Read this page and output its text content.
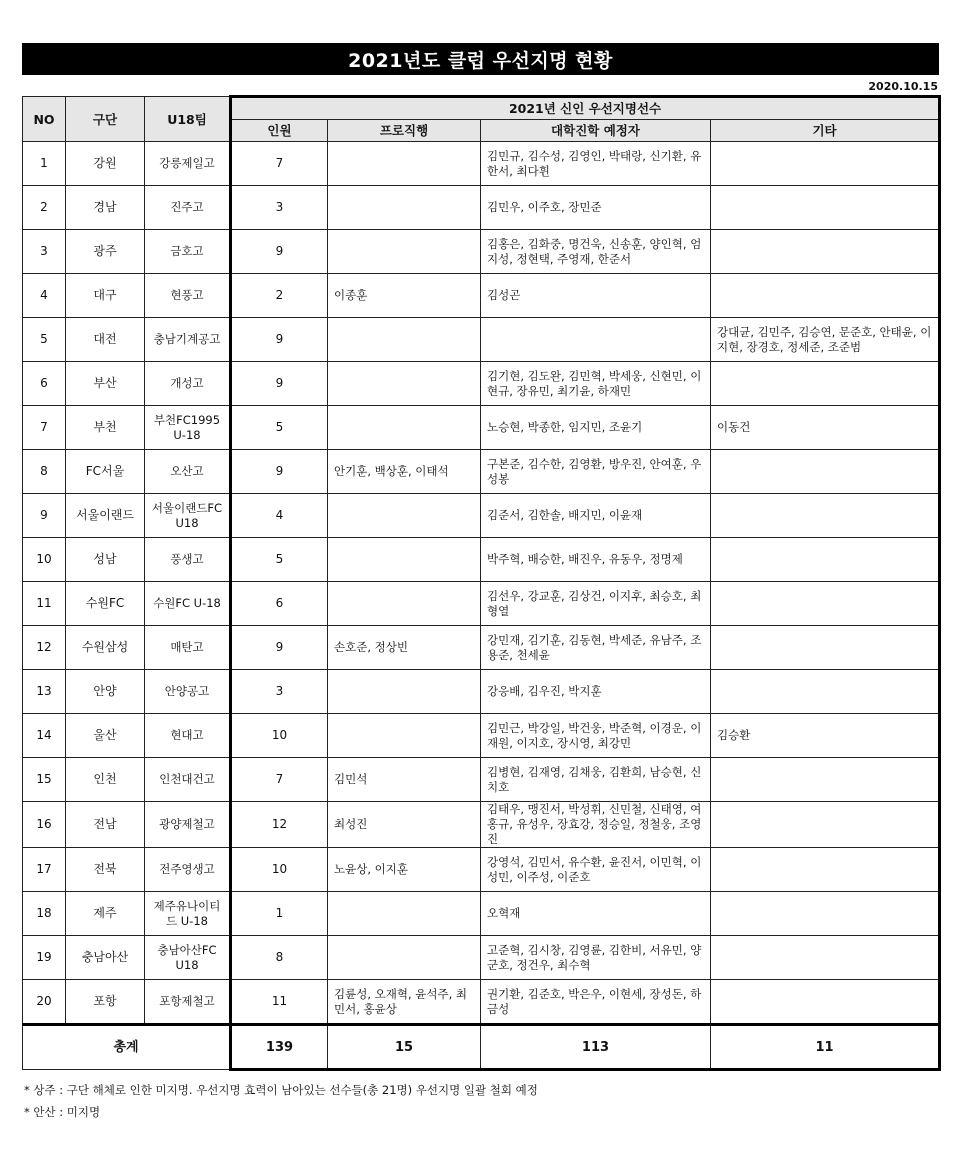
2021년도 클럽 우선지명 현황
2020.10.15
NO	구단	U18팀	2021년 신인 우선지명선수			
			인원	프로직행	대학진학 예정자	기타
1	강원	강릉제일고	7		김민규, 김수성, 김영인, 박태랑, 신기환, 유한서, 최다휜	
2	경남	진주고	3		김민우, 이주호, 장민준	
3	광주	금호고	9		김홍은, 김화중, 명건욱, 신송훈, 양인혁, 엄지성, 정현택, 주영재, 한준서	
4	대구	현풍고	2	이종훈	김성곤	
5	대전	충남기계공고	9			강대균, 김민주, 김승연, 문준호, 안태윤, 이지현, 장경호, 정세준, 조준범
6	부산	개성고	9		김기현, 김도완, 김민혁, 박세웅, 신현민, 이현규, 장유민, 최기윤, 하재민	
7	부천	부천FC1995 U-18	5		노승현, 박종한, 임지민, 조윤기	이동건
8	FC서울	오산고	9	안기훈, 백상훈, 이태석	구본준, 김수한, 김영환, 방우진, 안여훈, 우성봉	
9	서울이랜드	서울이랜드FC U18	4		김준서, 김한솔, 배지민, 이윤재	
10	성남	풍생고	5		박주혁, 배승한, 배진우, 유동우, 정명제	
11	수원FC	수원FC U-18	6		김선우, 강교훈, 김상건, 이지후, 최승호, 최형열	
12	수원삼성	매탄고	9	손호준, 정상빈	강민재, 김기훈, 김동현, 박세준, 유남주, 조용준, 천세윤	
13	안양	안양공고	3		강응배, 김우진, 박지훈	
14	울산	현대고	10		김민근, 박강일, 박건웅, 박준혁, 이경운, 이재원, 이지호, 장시영, 최강민	김승환
15	인천	인천대건고	7	김민석	김병현, 김재영, 김채웅, 김환희, 남승현, 신치호	
16	전남	광양제철고	12	최성진	김태우, 맹진서, 박성휘, 신민철, 신태영, 여홍규, 유성우, 장효강, 정승일, 정철웅, 조영진	
17	전북	전주영생고	10	노윤상, 이지훈	강영석, 김민서, 유수환, 윤진서, 이민혁, 이성민, 이주성, 이준호	
18	제주	제주유나이티드 U-18	1		오혁재	
19	충남아산	충남아산FC U18	8		고준혁, 김시창, 김영륜, 김한비, 서유민, 양군호, 정건우, 최수혁	
20	포항	포항제철고	11	김륜성, 오재혁, 윤석주, 최민서, 홍윤상	권기환, 김준호, 박은우, 이현세, 장성돈, 하금성	
총계			139	15	113	11
* 상주 : 구단 해체로 인한 미지명. 우선지명 효력이 남아있는 선수들(총 21명) 우선지명 일괄 철회 예정
* 안산 : 미지명
